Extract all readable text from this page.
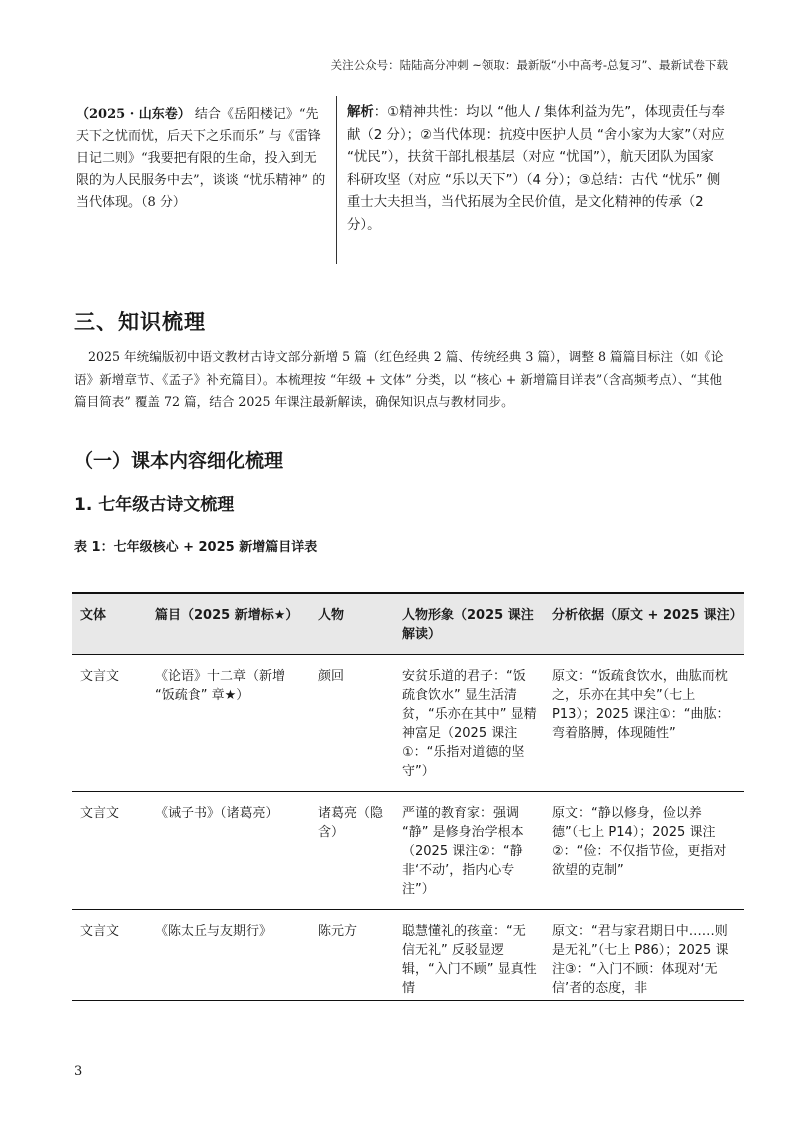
关注公众号：陆陆高分冲刺 ~领取：最新版“小中高考-总复习”、最新试卷下载
（2025 · 山东卷） 结合《岳阳楼记》“先天下之忧而忧，后天下之乐而乐” 与《雷锋日记二则》“我要把有限的生命，投入到无限的为人民服务中去”，谈谈 “忧乐精神” 的当代体现。（8 分）
解析：①精神共性：均以 “他人 / 集体利益为先”，体现责任与奉献（2 分）；②当代体现：抗疫中医护人员 “舍小家为大家”（对应 “忧民”），扶贫干部扎根基层（对应 “忧国”），航天团队为国家科研攻坚（对应 “乐以天下”）（4 分）；③总结：古代 “忧乐” 侧重士大夫担当，当代拓展为全民价值，是文化精神的传承（2 分）。
三、知识梳理

2025 年统编版初中语文教材古诗文部分新增 5 篇（红色经典 2 篇、传统经典 3 篇），调整 8 篇篇目标注（如《论语》新增章节、《孟子》补充篇目）。本梳理按 “年级 + 文体” 分类，以 “核心 + 新增篇目详表”（含高频考点）、“其他篇目简表” 覆盖 72 篇，结合 2025 年课注最新解读，确保知识点与教材同步。

（一）课本内容细化梳理
1. 七年级古诗文梳理

表 1：七年级核心 + 2025 新增篇目详表

文体	篇目（2025 新增标★）	人物	人物形象（2025 课注解读）	分析依据（原文 + 2025 课注）
文言文	《论语》十二章（新增 “饭疏食” 章★）	颜回	安贫乐道的君子：“饭疏食饮水” 显生活清贫，“乐亦在其中” 显精神富足（2025 课注①：“乐指对道德的坚守”）	原文：“饭疏食饮水，曲肱而枕之，乐亦在其中矣”（七上 P13）；2025 课注①：“曲肱：弯着胳膊，体现随性”
文言文	《诫子书》（诸葛亮）	诸葛亮（隐含）	严谨的教育家：强调 “静” 是修身治学根本（2025 课注②：“静非‘不动’，指内心专注”）	原文：“静以修身，俭以养德”（七上 P14）；2025 课注②：“俭：不仅指节俭，更指对欲望的克制”

文言文	《陈太丘与友期行》	陈元方	聪慧懂礼的孩童：“无信无礼” 反驳显逻辑，“入门不顾” 显真性情	原文：“君与家君期日中……则是无礼”（七上 P86）；2025 课注③：“入门不顾：体现对‘无信’者的态度，非
3
